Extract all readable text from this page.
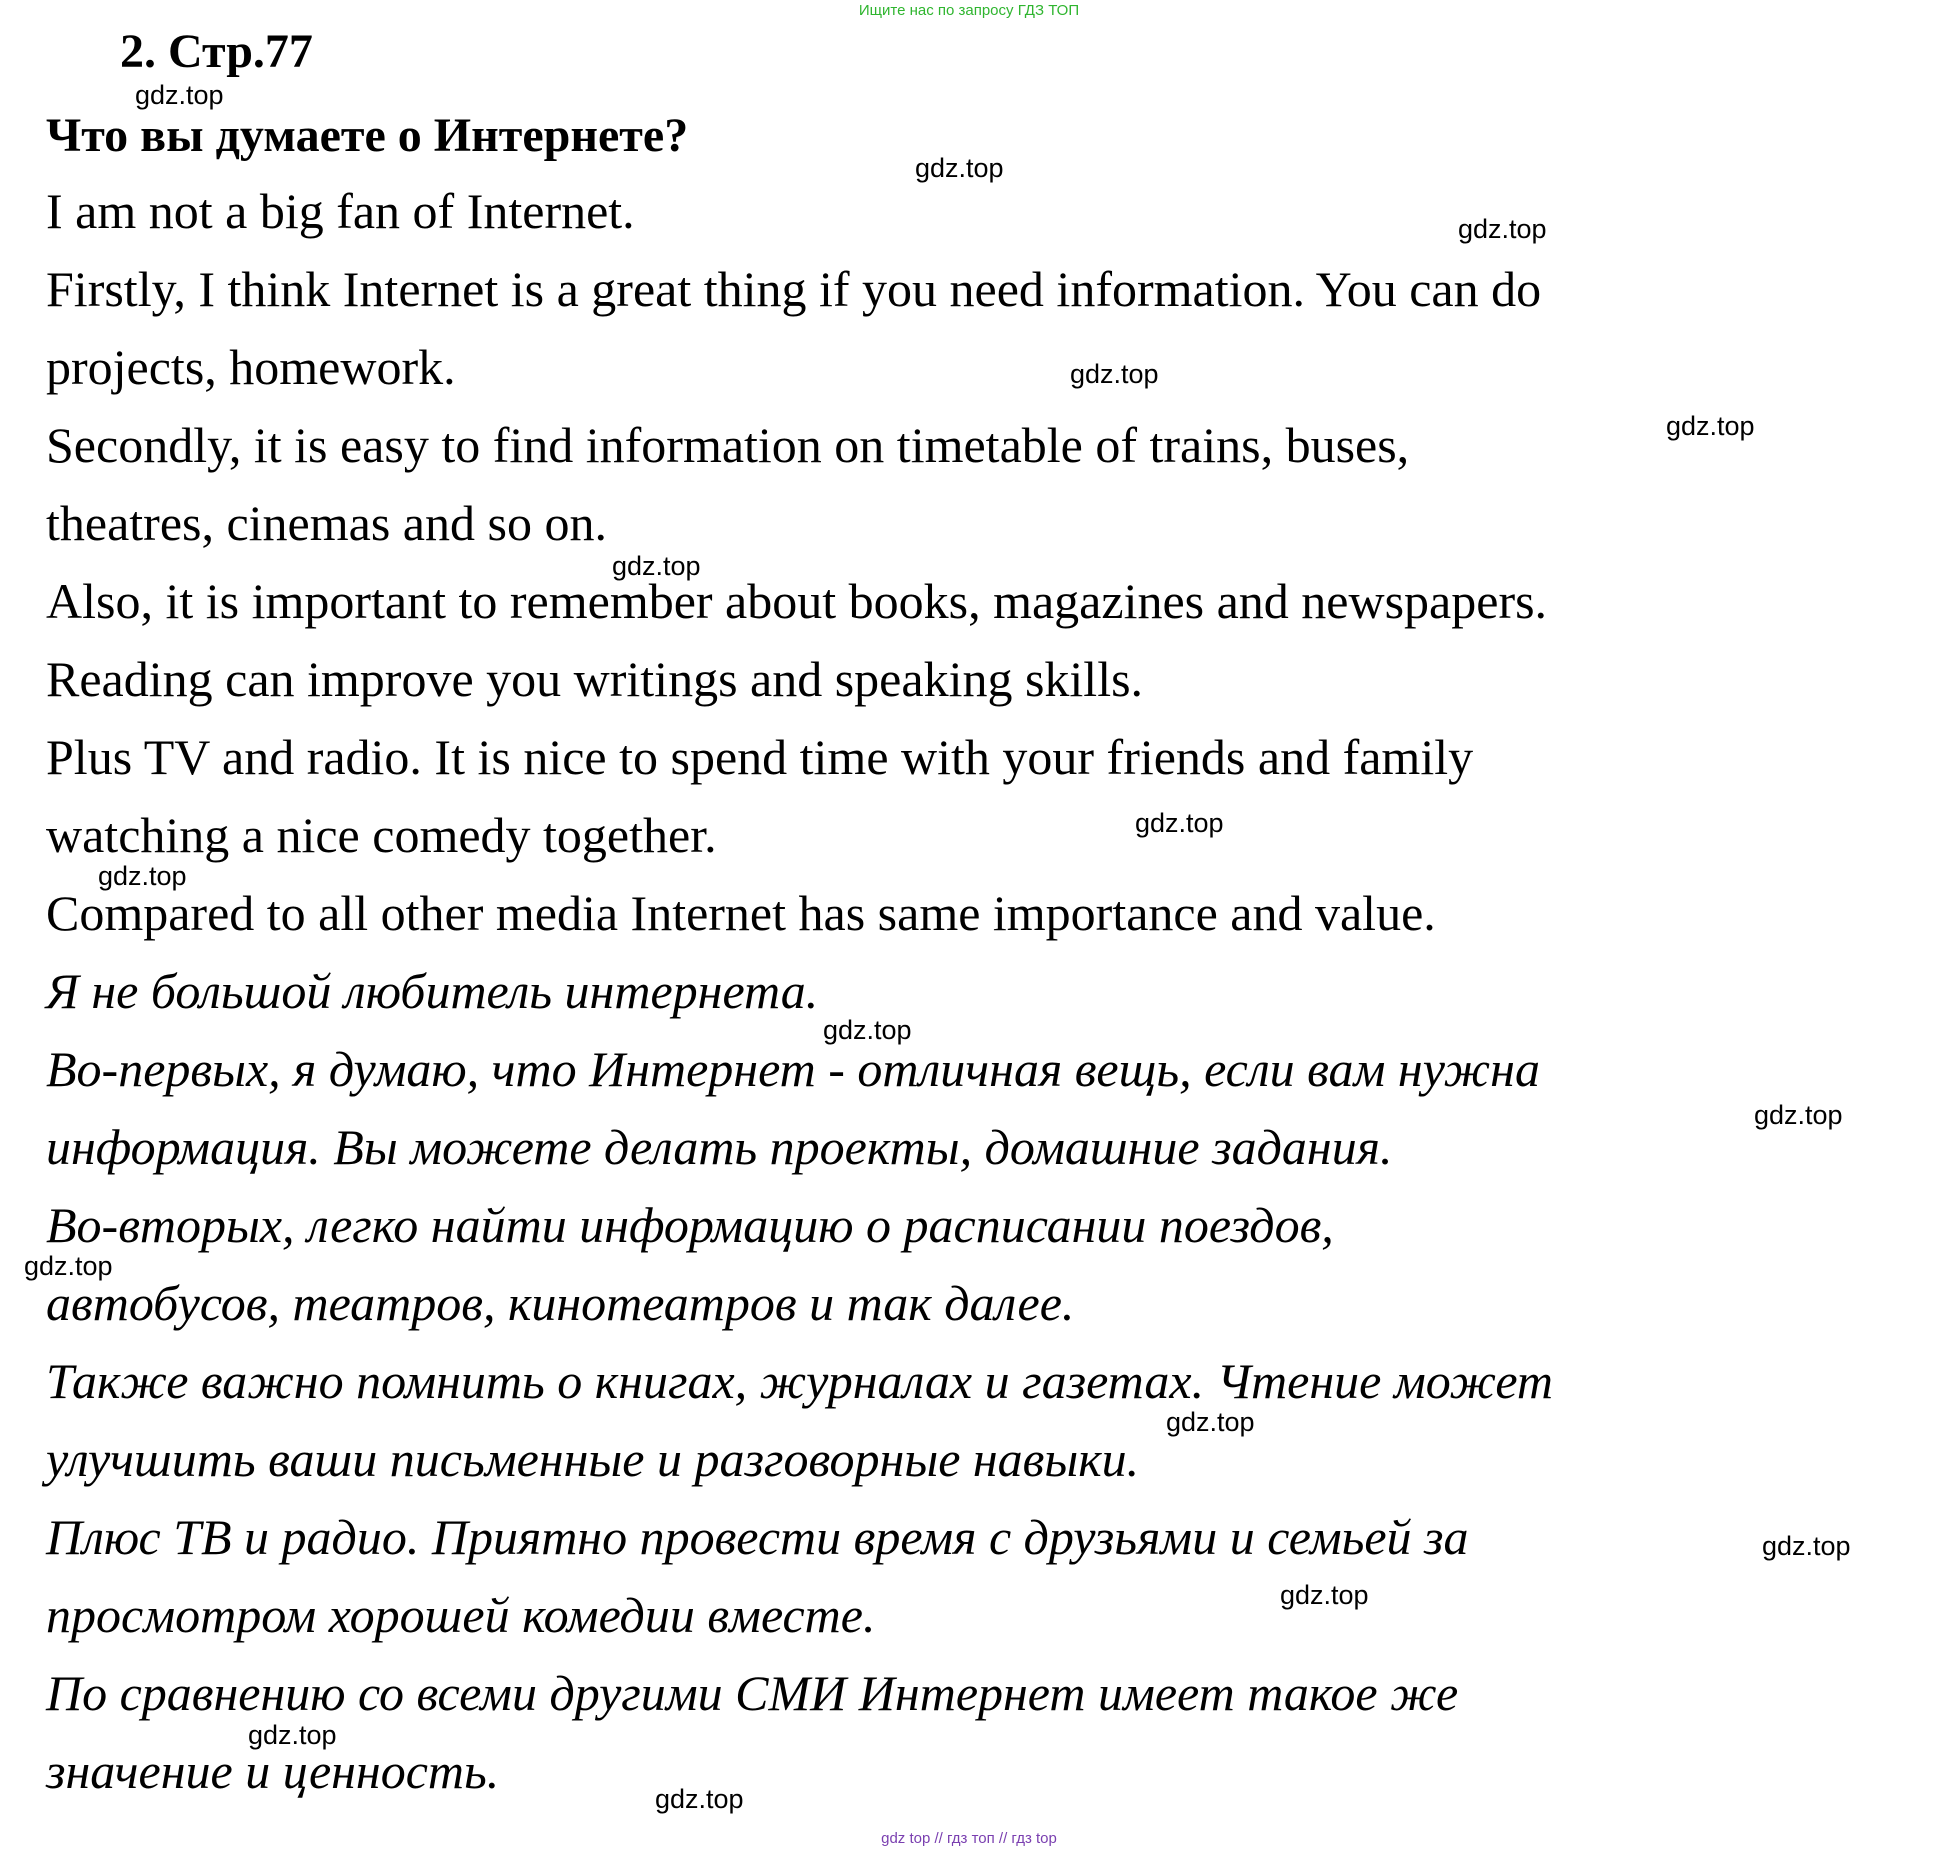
Ищите нас по запросу ГДЗ ТОП
2. Стр.77
Что вы думаете о Интернете?
I am not a big fan of Internet.
Firstly, I think Internet is a great thing if you need information. You can do
projects, homework.
Secondly, it is easy to find information on timetable of trains, buses,
theatres, cinemas and so on.
Also, it is important to remember about books, magazines and newspapers.
Reading can improve you writings and speaking skills.
Plus TV and radio. It is nice to spend time with your friends and family
watching a nice comedy together.
Compared to all other media Internet has same importance and value.
Я не большой любитель интернета.
Во-первых, я думаю, что Интернет - отличная вещь, если вам нужна
информация. Вы можете делать проекты, домашние задания.
Во-вторых, легко найти информацию о расписании поездов,
автобусов, театров, кинотеатров и так далее.
Также важно помнить о книгах, журналах и газетах. Чтение может
улучшить ваши письменные и разговорные навыки.
Плюс ТВ и радио. Приятно провести время с друзьями и семьей за
просмотром хорошей комедии вместе.
По сравнению со всеми другими СМИ Интернет имеет такое же
значение и ценность.
gdz.top
gdz.top
gdz.top
gdz.top
gdz.top
gdz.top
gdz.top
gdz.top
gdz.top
gdz.top
gdz.top
gdz.top
gdz.top
gdz.top
gdz.top
gdz.top
gdz top // гдз топ // гдз top
